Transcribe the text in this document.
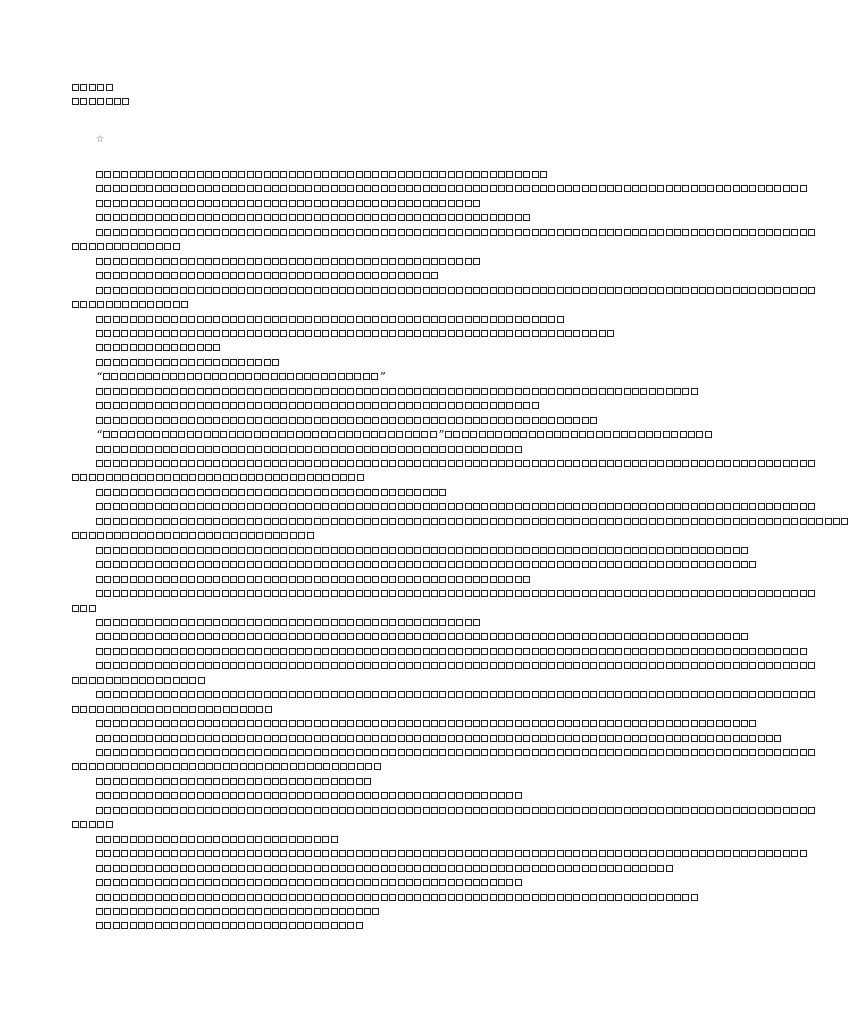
☆
“	”
“	”
